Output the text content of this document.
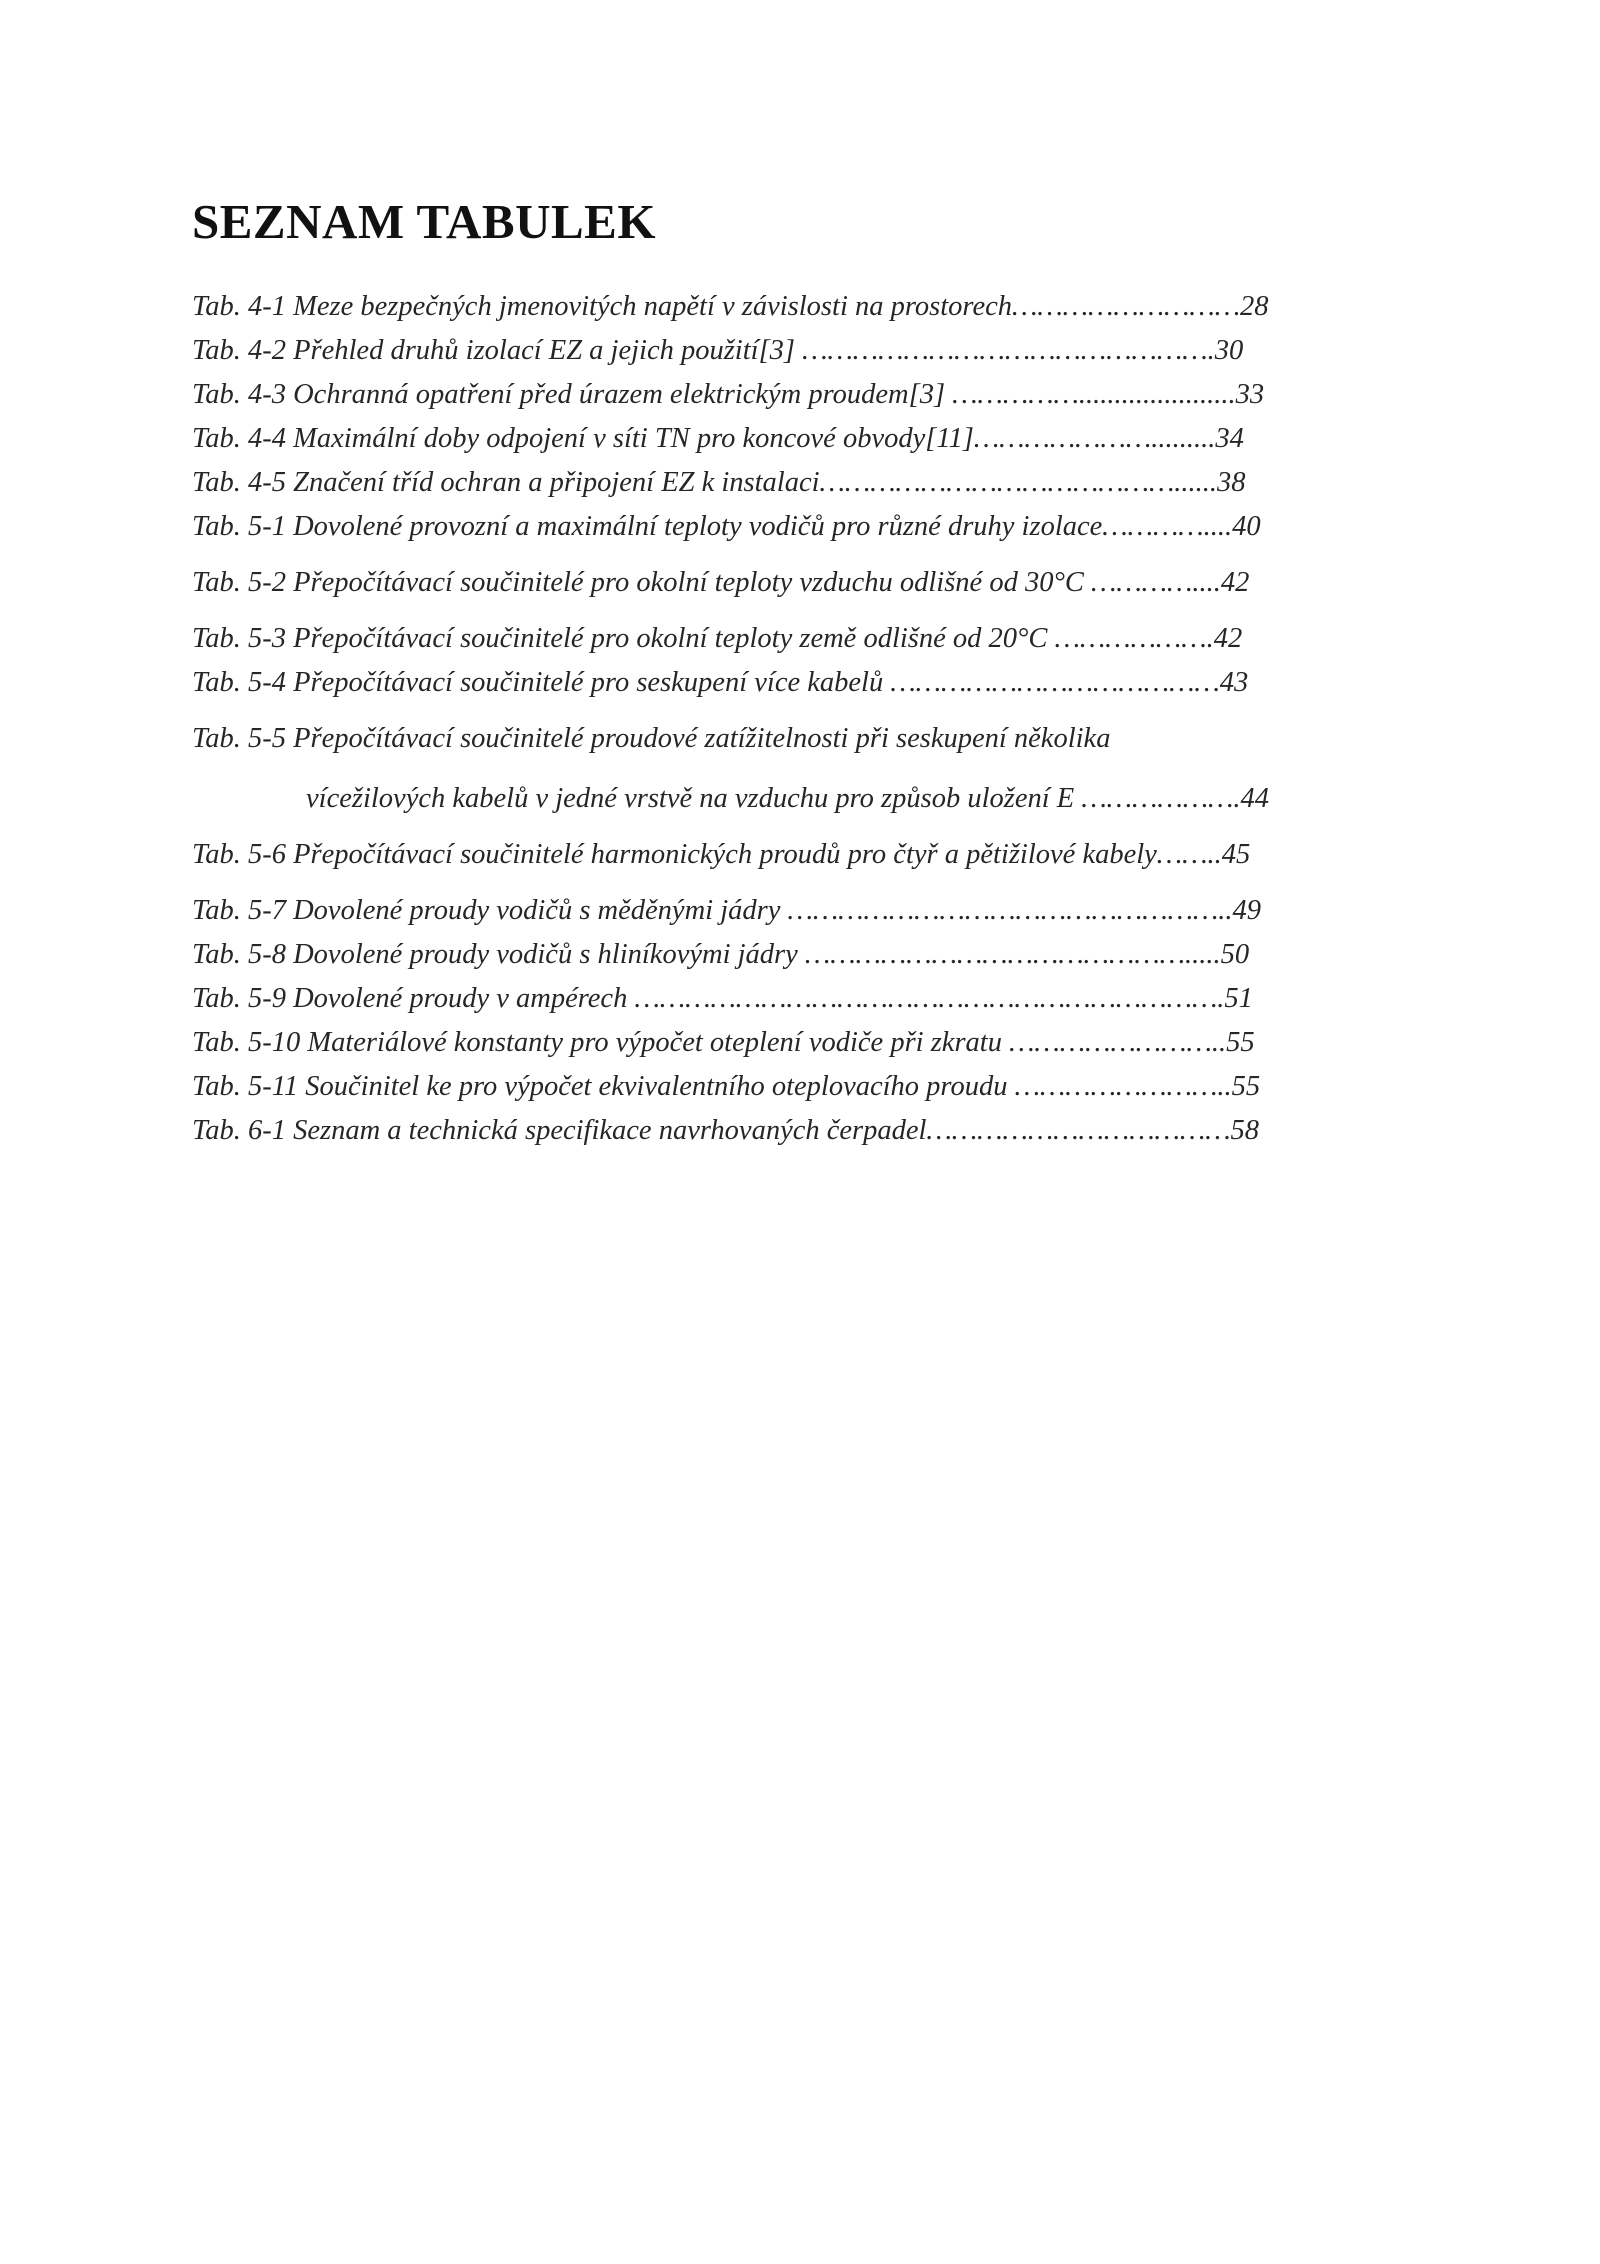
SEZNAM TABULEK
Tab. 4-1 Meze bezpečných jmenovitých napětí v závislosti na prostorech………………………28
Tab. 4-2 Přehled druhů izolací EZ a jejich použití[3] ………………………………………….30
Tab. 4-3 Ochranná opatření před úrazem elektrickým proudem[3] ……………......................33
Tab. 4-4 Maximální doby odpojení v síti TN pro koncové obvody[11]………………….........34
Tab. 4-5 Značení tříd ochran a připojení EZ k instalaci……………………………………......38
Tab. 5-1 Dovolené provozní a maximální teploty vodičů pro různé druhy izolace…………....40
Tab. 5-2 Přepočítávací součinitelé pro okolní teploty vzduchu odlišné od 30°C …………....42
Tab. 5-3 Přepočítávací součinitelé pro okolní teploty země odlišné od 20°C ……………….42
Tab. 5-4 Přepočítávací součinitelé pro seskupení více kabelů …………………………………43
Tab. 5-5 Přepočítávací součinitelé proudové zatížitelnosti při seskupení několika
vícežilových kabelů v jedné vrstvě na vzduchu pro způsob uložení E ……………….44
Tab. 5-6 Přepočítávací součinitelé harmonických proudů pro čtyř a pětižilové kabely……..45
Tab. 5-7 Dovolené proudy vodičů s měděnými jádry ……………………………………………..49
Tab. 5-8 Dovolené proudy vodičů s hliníkovými jádry ……………………………………….....50
Tab. 5-9 Dovolené proudy v ampérech …………………………………………………………….51
Tab. 5-10 Materiálové konstanty pro výpočet oteplení vodiče při zkratu ……………………..55
Tab. 5-11 Součinitel ke pro výpočet ekvivalentního oteplovacího proudu ……………………..55
Tab. 6-1 Seznam a technická specifikace navrhovaných čerpadel………………………………58
